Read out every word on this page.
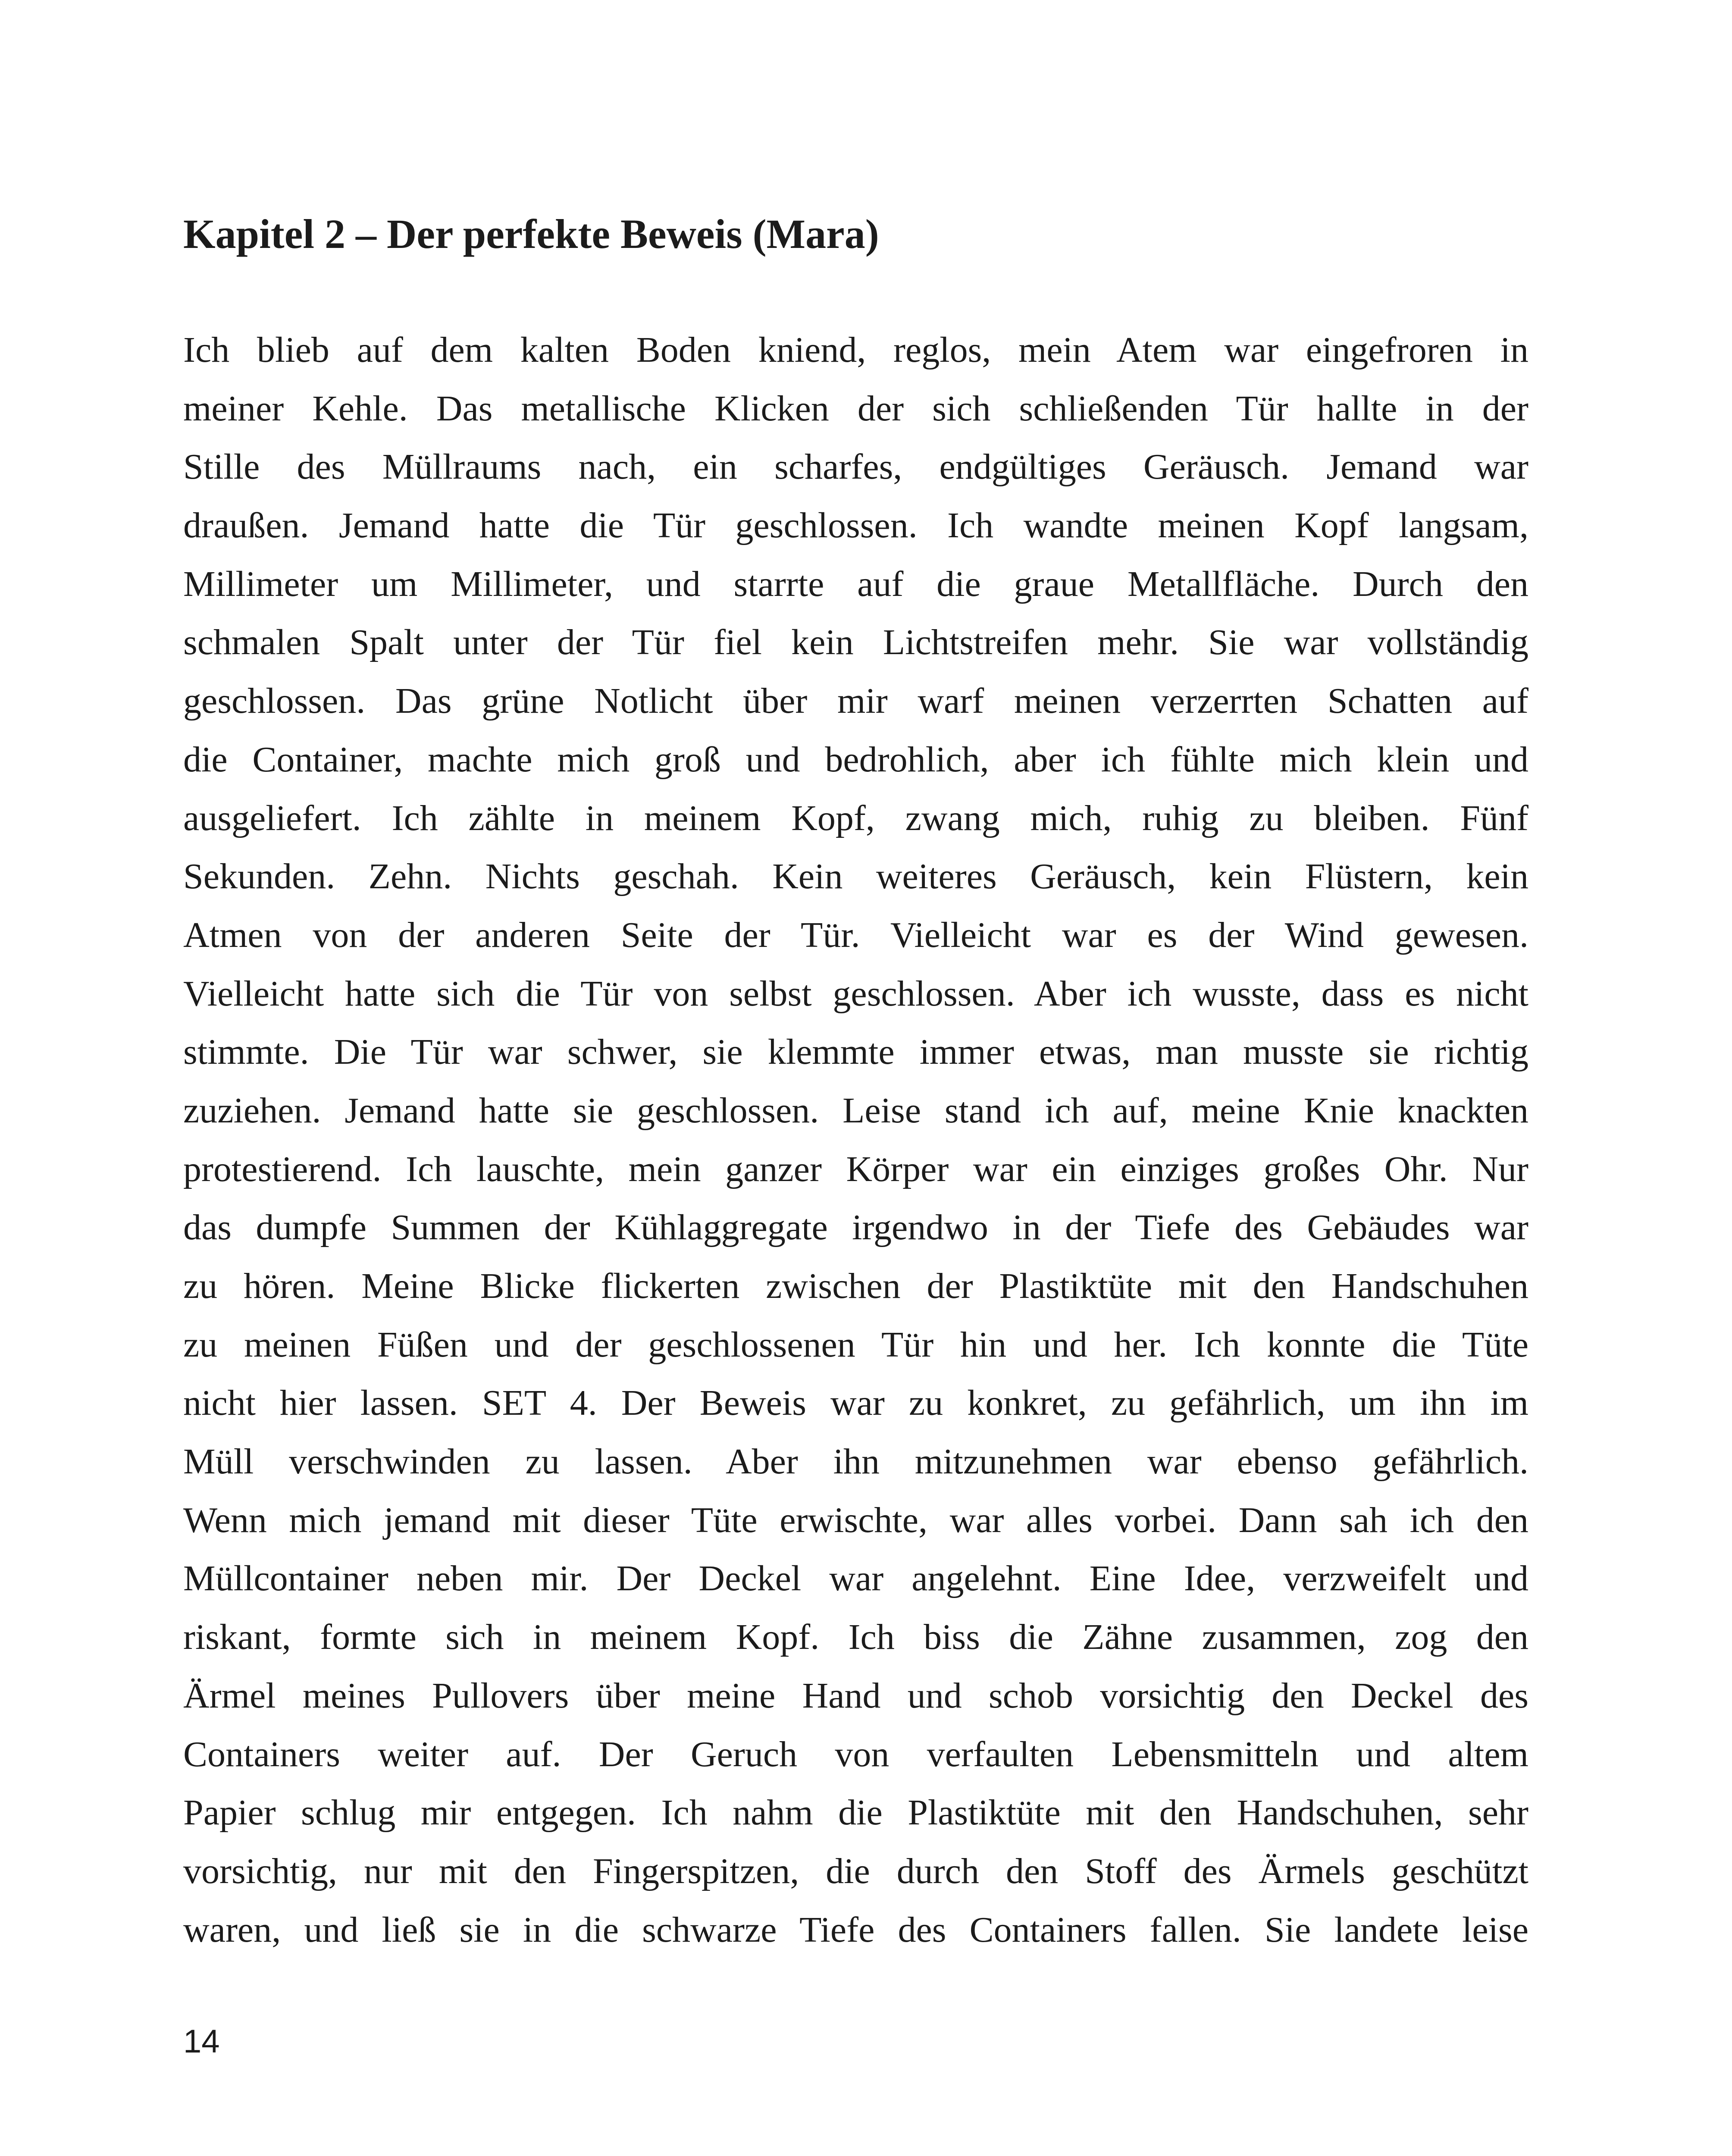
Kapitel 2 – Der perfekte Beweis (Mara)
Ich blieb auf dem kalten Boden kniend, reglos, mein Atem war eingefroren in
meiner Kehle. Das metallische Klicken der sich schließenden Tür hallte in der
Stille des Müllraums nach, ein scharfes, endgültiges Geräusch. Jemand war
draußen. Jemand hatte die Tür geschlossen. Ich wandte meinen Kopf langsam,
Millimeter um Millimeter, und starrte auf die graue Metallfläche. Durch den
schmalen Spalt unter der Tür fiel kein Lichtstreifen mehr. Sie war vollständig
geschlossen. Das grüne Notlicht über mir warf meinen verzerrten Schatten auf
die Container, machte mich groß und bedrohlich, aber ich fühlte mich klein und
ausgeliefert. Ich zählte in meinem Kopf, zwang mich, ruhig zu bleiben. Fünf
Sekunden. Zehn. Nichts geschah. Kein weiteres Geräusch, kein Flüstern, kein
Atmen von der anderen Seite der Tür. Vielleicht war es der Wind gewesen.
Vielleicht hatte sich die Tür von selbst geschlossen. Aber ich wusste, dass es nicht
stimmte. Die Tür war schwer, sie klemmte immer etwas, man musste sie richtig
zuziehen. Jemand hatte sie geschlossen. Leise stand ich auf, meine Knie knackten
protestierend. Ich lauschte, mein ganzer Körper war ein einziges großes Ohr. Nur
das dumpfe Summen der Kühlaggregate irgendwo in der Tiefe des Gebäudes war
zu hören. Meine Blicke flickerten zwischen der Plastiktüte mit den Handschuhen
zu meinen Füßen und der geschlossenen Tür hin und her. Ich konnte die Tüte
nicht hier lassen. SET 4. Der Beweis war zu konkret, zu gefährlich, um ihn im
Müll verschwinden zu lassen. Aber ihn mitzunehmen war ebenso gefährlich.
Wenn mich jemand mit dieser Tüte erwischte, war alles vorbei. Dann sah ich den
Müllcontainer neben mir. Der Deckel war angelehnt. Eine Idee, verzweifelt und
riskant, formte sich in meinem Kopf. Ich biss die Zähne zusammen, zog den
Ärmel meines Pullovers über meine Hand und schob vorsichtig den Deckel des
Containers weiter auf. Der Geruch von verfaulten Lebensmitteln und altem
Papier schlug mir entgegen. Ich nahm die Plastiktüte mit den Handschuhen, sehr
vorsichtig, nur mit den Fingerspitzen, die durch den Stoff des Ärmels geschützt
waren, und ließ sie in die schwarze Tiefe des Containers fallen. Sie landete leise
14
